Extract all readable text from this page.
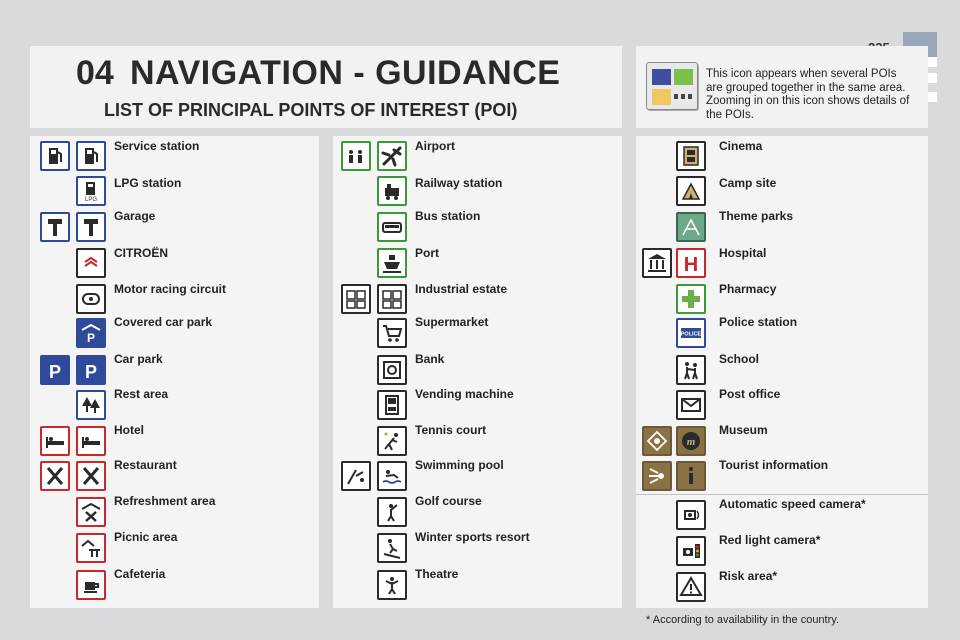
04 NAVIGATION - GUIDANCE
LIST OF PRINCIPAL POINTS OF INTEREST (POI)
This icon appears when several POIs are grouped together in the same area. Zooming in on this icon shows details of the POIs.
Service station
LPG
LPG station
Garage
CITROËN
Motor racing circuit
P
Covered car park
P P
Car park
Rest area
Hotel
Restaurant
Refreshment area
Picnic area
Cafeteria
Airport
Railway station
Bus station
Port
Industrial estate
Supermarket
Bank
Vending machine
Tennis court
Swimming pool
Golf course
Winter sports resort
Theatre
Cinema
Camp site
Theme parks
H
Hospital
Pharmacy
POLICE
Police station
School
Post office
m
Museum
Tourist information
Automatic speed camera*
Red light camera*
Risk area*
* According to availability in the country.
